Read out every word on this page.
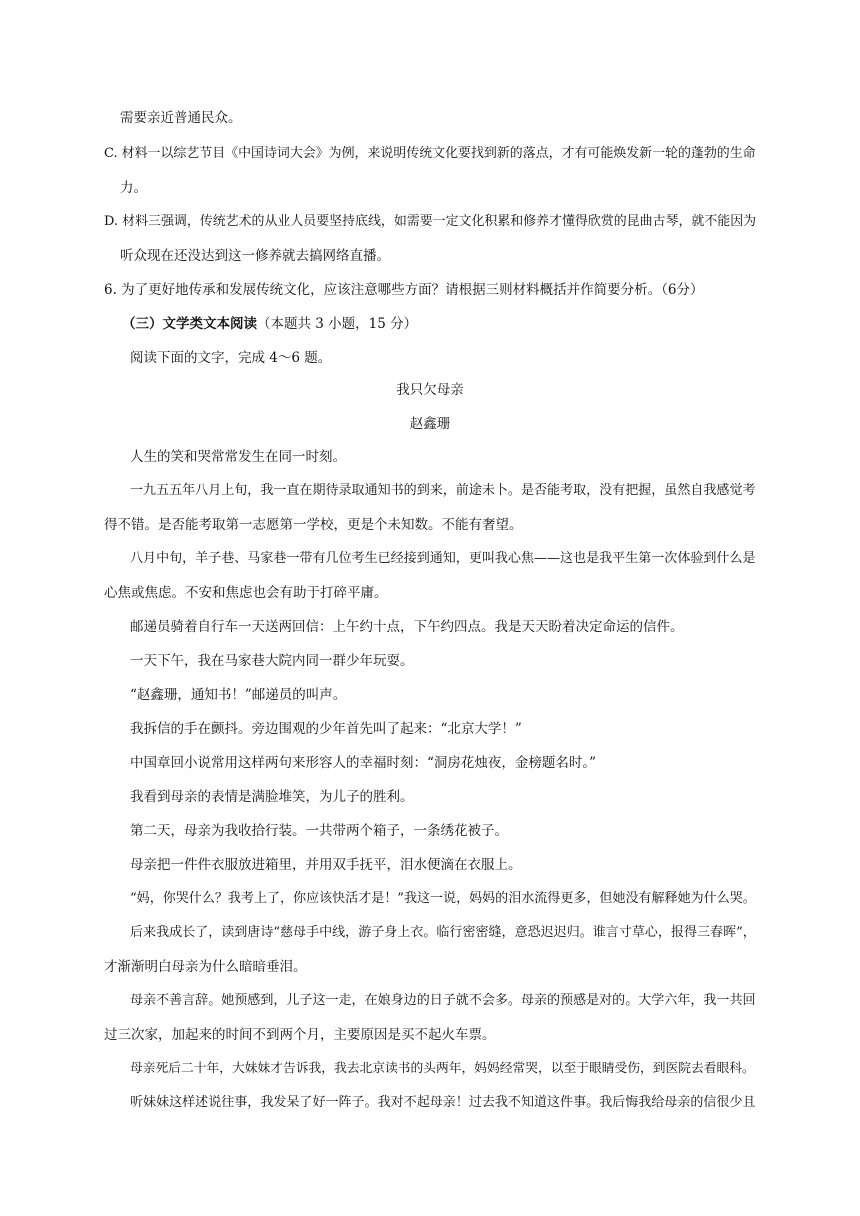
需要亲近普通民众。
C. 材料一以综艺节目《中国诗词大会》为例，来说明传统文化要找到新的落点，才有可能焕发新一轮的蓬勃的生命
力。
D. 材料三强调，传统艺术的从业人员要坚持底线，如需要一定文化积累和修养才懂得欣赏的昆曲古琴，就不能因为
听众现在还没达到这一修养就去搞网络直播。
6. 为了更好地传承和发展传统文化，应该注意哪些方面？请根据三则材料概括并作简要分析。（6分）
（三）文学类文本阅读（本题共 3 小题，15 分）
阅读下面的文字，完成 4～6 题。
我只欠母亲
赵鑫珊
人生的笑和哭常常发生在同一时刻。
一九五五年八月上旬，我一直在期待录取通知书的到来，前途未卜。是否能考取，没有把握，虽然自我感觉考
得不错。是否能考取第一志愿第一学校，更是个未知数。不能有奢望。
八月中旬，羊子巷、马家巷一带有几位考生已经接到通知，更叫我心焦——这也是我平生第一次体验到什么是
心焦或焦虑。不安和焦虑也会有助于打碎平庸。
邮递员骑着自行车一天送两回信：上午约十点，下午约四点。我是天天盼着决定命运的信件。
一天下午，我在马家巷大院内同一群少年玩耍。
“赵鑫珊，通知书！”邮递员的叫声。
我拆信的手在颤抖。旁边围观的少年首先叫了起来：“北京大学！”
中国章回小说常用这样两句来形容人的幸福时刻：“洞房花烛夜，金榜题名时。”
我看到母亲的表情是满脸堆笑，为儿子的胜利。
第二天，母亲为我收拾行装。一共带两个箱子，一条绣花被子。
母亲把一件件衣服放进箱里，并用双手抚平，泪水便滴在衣服上。
“妈，你哭什么？我考上了，你应该快活才是！”我这一说，妈妈的泪水流得更多，但她没有解释她为什么哭。
后来我成长了，读到唐诗“慈母手中线，游子身上衣。临行密密缝，意恐迟迟归。谁言寸草心，报得三春晖”，
才渐渐明白母亲为什么暗暗垂泪。
母亲不善言辞。她预感到，儿子这一走，在娘身边的日子就不会多。母亲的预感是对的。大学六年，我一共回
过三次家，加起来的时间不到两个月，主要原因是买不起火车票。
母亲死后二十年，大妹妹才告诉我，我去北京读书的头两年，妈妈经常哭，以至于眼睛受伤，到医院去看眼科。
听妹妹这样述说往事，我发呆了好一阵子。我对不起母亲！过去我不知道这件事。我后悔我给母亲的信很少且
